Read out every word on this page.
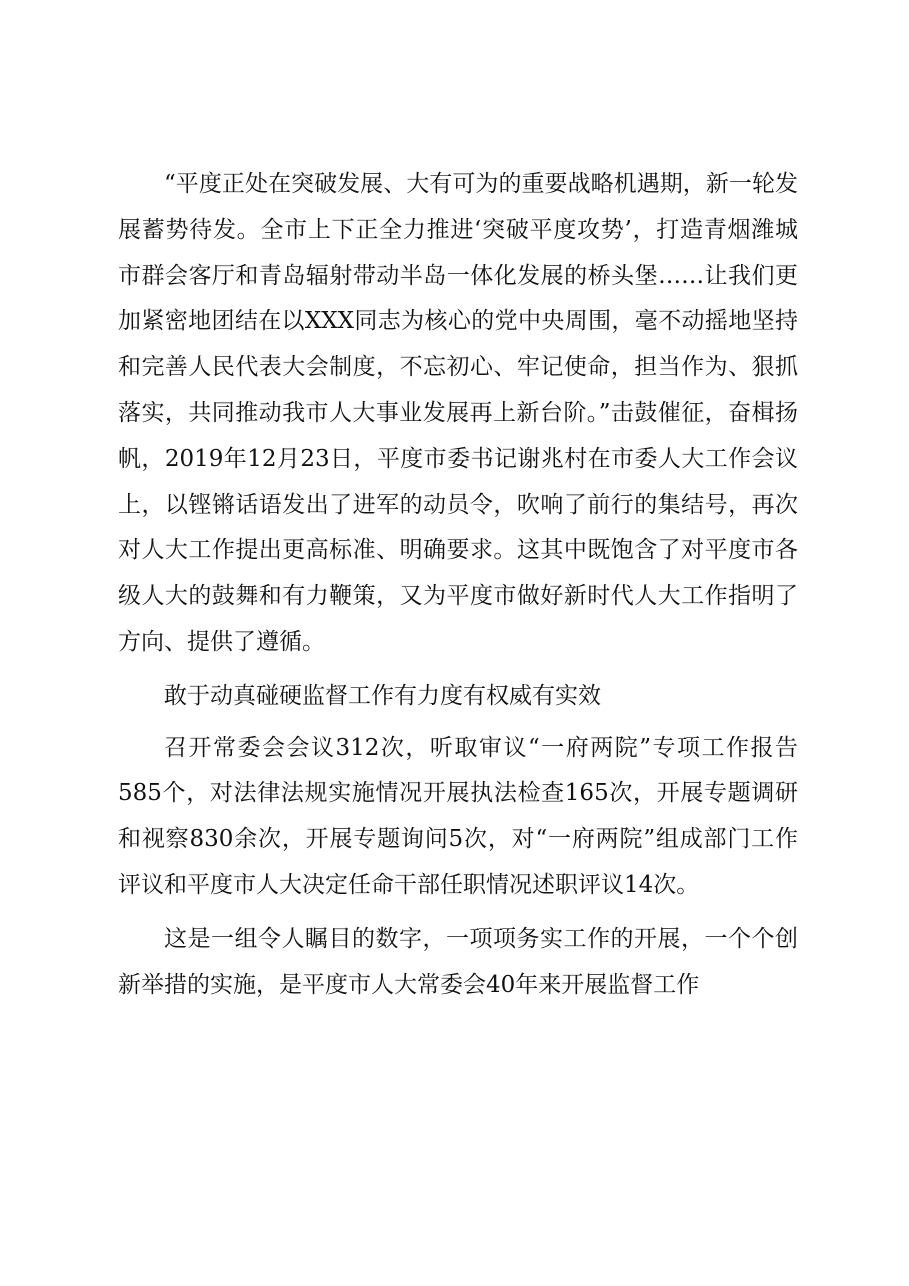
“平度正处在突破发展、大有可为的重要战略机遇期，新一轮发展蓄势待发。全市上下正全力推进‘突破平度攻势’，打造青烟潍城市群会客厅和青岛辐射带动半岛一体化发展的桥头堡……让我们更加紧密地团结在以XXX同志为核心的党中央周围，毫不动摇地坚持和完善人民代表大会制度，不忘初心、牢记使命，担当作为、狠抓落实，共同推动我市人大事业发展再上新台阶。”击鼓催征，奋楫扬帆，2019年12月23日，平度市委书记谢兆村在市委人大工作会议上，以铿锵话语发出了进军的动员令，吹响了前行的集结号，再次对人大工作提出更高标准、明确要求。这其中既饱含了对平度市各级人大的鼓舞和有力鞭策，又为平度市做好新时代人大工作指明了方向、提供了遵循。

敢于动真碰硬监督工作有力度有权威有实效

召开常委会会议312次，听取审议“一府两院”专项工作报告585个，对法律法规实施情况开展执法检查165次，开展专题调研和视察830余次，开展专题询问5次，对“一府两院”组成部门工作评议和平度市人大决定任命干部任职情况述职评议14次。

这是一组令人瞩目的数字，一项项务实工作的开展，一个个创新举措的实施，是平度市人大常委会40年来开展监督工作
